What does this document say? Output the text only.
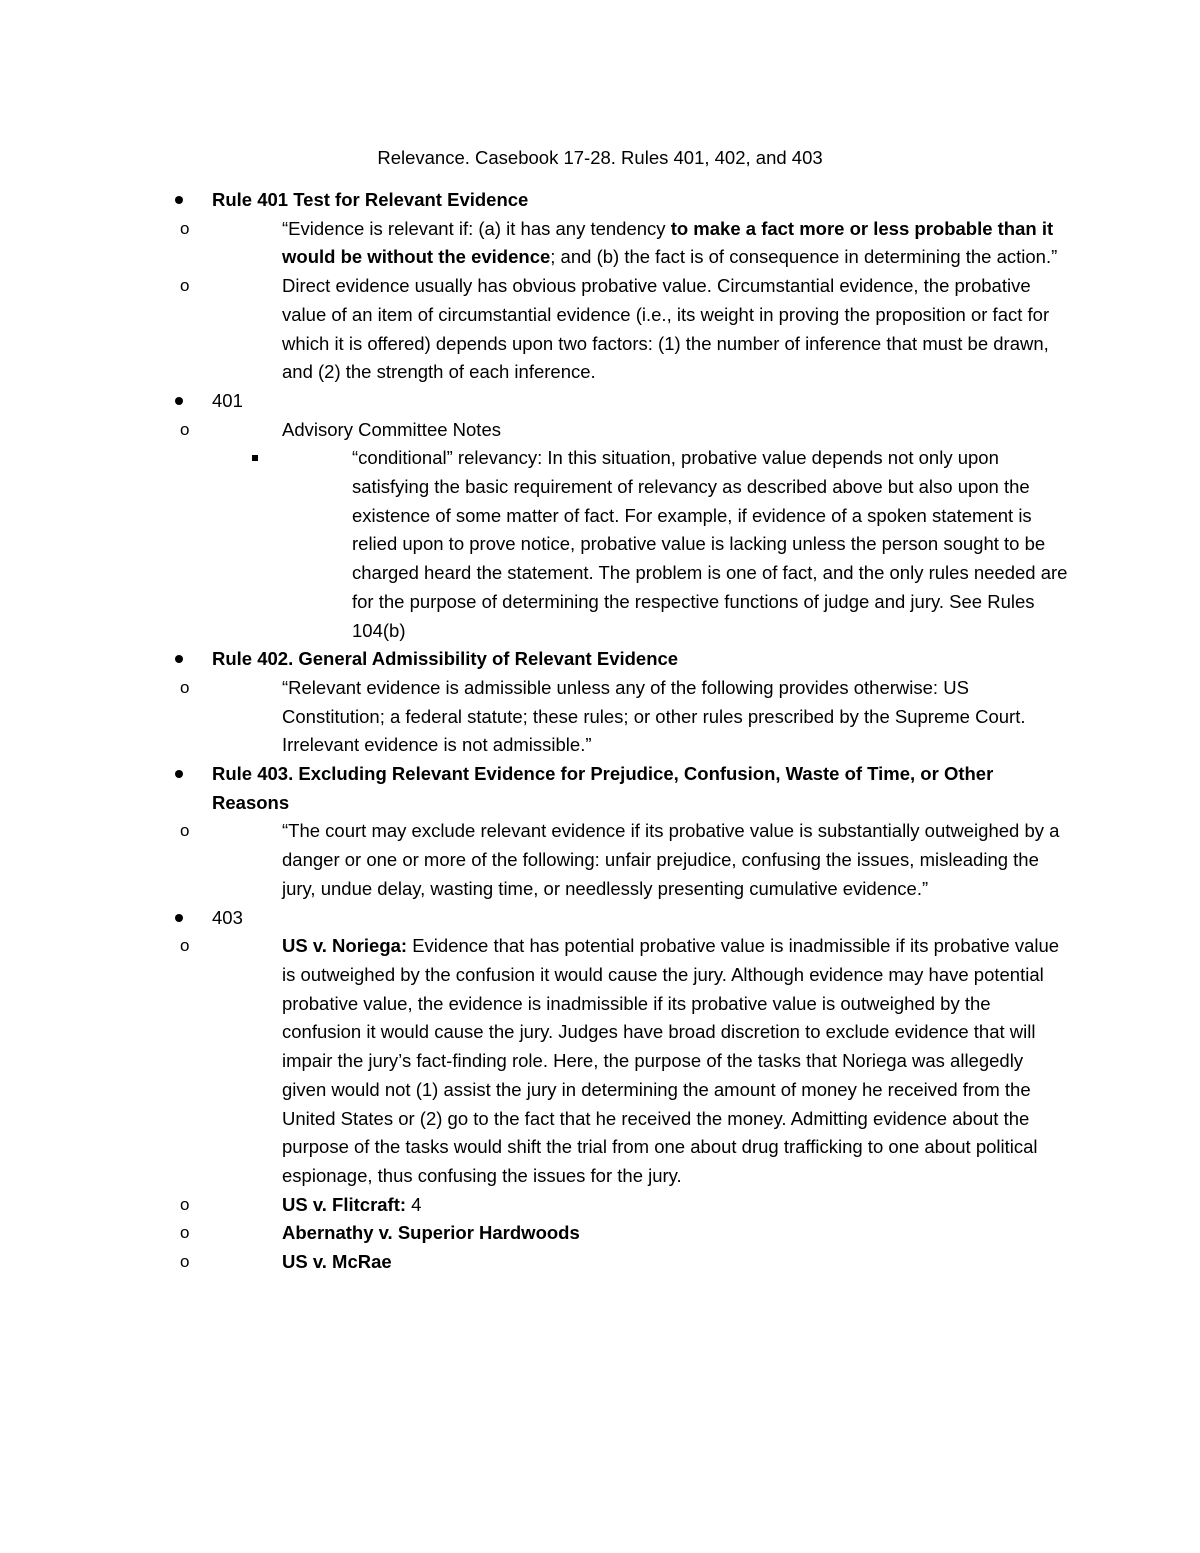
Relevance. Casebook 17-28. Rules 401, 402, and 403
Rule 401 Test for Relevant Evidence
o	“Evidence is relevant if: (a) it has any tendency to make a fact more or less probable than it would be without the evidence; and (b) the fact is of consequence in determining the action.”
o	Direct evidence usually has obvious probative value. Circumstantial evidence, the probative value of an item of circumstantial evidence (i.e., its weight in proving the proposition or fact for which it is offered) depends upon two factors: (1) the number of inference that must be drawn, and (2) the strength of each inference.
401
o	Advisory Committee Notes
“conditional” relevancy: In this situation, probative value depends not only upon satisfying the basic requirement of relevancy as described above but also upon the existence of some matter of fact. For example, if evidence of a spoken statement is relied upon to prove notice, probative value is lacking unless the person sought to be charged heard the statement. The problem is one of fact, and the only rules needed are for the purpose of determining the respective functions of judge and jury. See Rules 104(b)
Rule 402. General Admissibility of Relevant Evidence
o	“Relevant evidence is admissible unless any of the following provides otherwise: US Constitution; a federal statute; these rules; or other rules prescribed by the Supreme Court. Irrelevant evidence is not admissible.”
Rule 403. Excluding Relevant Evidence for Prejudice, Confusion, Waste of Time, or Other Reasons
o	“The court may exclude relevant evidence if its probative value is substantially outweighed by a danger or one or more of the following: unfair prejudice, confusing the issues, misleading the jury, undue delay, wasting time, or needlessly presenting cumulative evidence.”
403
o	US v. Noriega: Evidence that has potential probative value is inadmissible if its probative value is outweighed by the confusion it would cause the jury. Although evidence may have potential probative value, the evidence is inadmissible if its probative value is outweighed by the confusion it would cause the jury. Judges have broad discretion to exclude evidence that will impair the jury’s fact-finding role. Here, the purpose of the tasks that Noriega was allegedly given would not (1) assist the jury in determining the amount of money he received from the United States or (2) go to the fact that he received the money. Admitting evidence about the purpose of the tasks would shift the trial from one about drug trafficking to one about political espionage, thus confusing the issues for the jury.
o	US v. Flitcraft: 4
o	Abernathy v. Superior Hardwoods
o	US v. McRae
